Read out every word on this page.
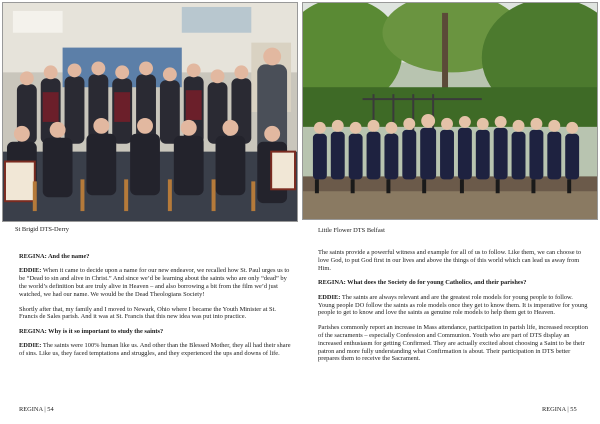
St Brigid DTS-Derry	Little Flower DTS Belfast

REGINA: And the name?

EDDIE: When it came to decide upon a name for our new endeavor, we recalled how St. Paul urges us to be “Dead to sin and alive in Christ.” And since we’d be learning about the saints who are only “dead” by the world’s definition but are truly alive in Heaven – and also borrowing a bit from the film we’d just watched, we had our name. We would be the Dead Theologians Society!

Shortly after that, my family and I moved to Newark, Ohio where I became the Youth Minister at St. Francis de Sales parish. And it was at St. Francis that this new idea was put into practice.

REGINA: Why is it so important to study the saints?

EDDIE: The saints were 100% human like us. And other than the Blessed Mother, they all had their share of sins. Like us, they faced temptations and struggles, and they experienced the ups and downs of life.

The saints provide a powerful witness and example for all of us to follow. Like them, we can choose to love God, to put God first in our lives and above the things of this world which can lead us away from Him.

REGINA: What does the Society do for young Catholics, and their parishes?

EDDIE: The saints are always relevant and are the greatest role models for young people to follow. Young people DO follow the saints as role models once they get to know them. It is imperative for young people to get to know and love the saints as genuine role models to help them get to Heaven.

Parishes commonly report an increase in Mass attendance, participation in parish life, increased reception of the sacraments – especially Confession and Communion. Youth who are part of DTS display an increased enthusiasm for getting Confirmed. They are actually excited about choosing a Saint to be their patron and more fully understanding what Confirmation is about. Their participation in DTS better prepares them to receive the Sacrament.

REGINA | 54	REGINA | 55
